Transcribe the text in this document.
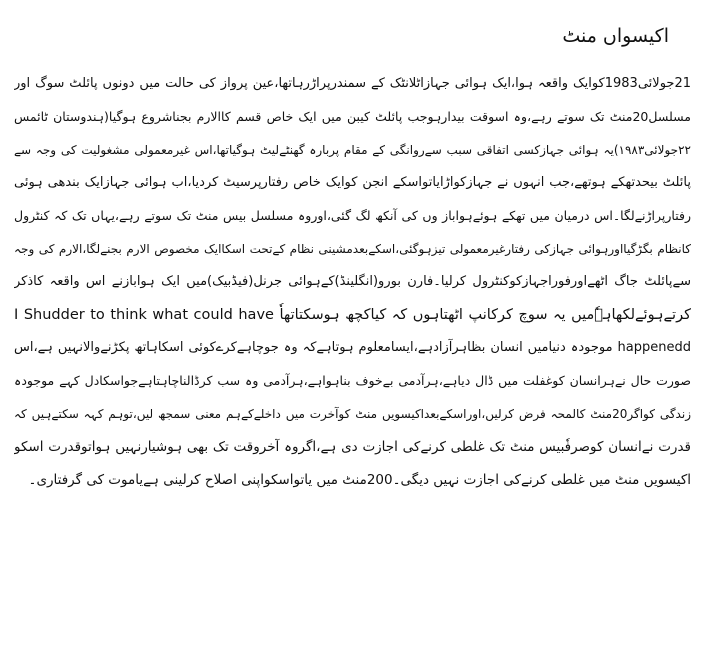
اکیسواں منٹ
21جولائی1983کوایک واقعہ ہوا،ایک ہوائی جہازاٹلانٹک کے سمندرپراڑرہاتھا،عین پرواز کی حالت میں دونوں پائلٹ سوگ اور
مسلسل20منٹ تک سوتے رہے،وہ اسوقت بیدارہوجب پائلٹ کیبن میں ایک خاص قسم کاالارم بجناشروع ہوگیا(ہندوستان ٹائمس
۲۲جولائی۱۹۸۳)یہ ہوائی جہازکسی اتفاقی سبب سےروانگی کے مقام پربارہ گھنٹےلیٹ ہوگیاتھا،اس غیرمعمولی مشغولیت کی وجہ سے
پائلٹ بیحدتھکے ہوتھے،جب انہوں نے جہازکواڑایاتواسکے انجن کوایک خاص رفتارپرسیٹ کردیا،اب ہوائی جہازایک بندھی ہوئی
رفتارپراڑنےلگا۔اس درمیان میں تھکے ہوئےہواباز وں کی آنکھ لگ گئی،اوروہ مسلسل بیس منٹ تک سوتے رہے،یہاں تک کہ کنٹرول
کانظام بگڑگیااورہوائی جہازکی رفتارغیرمعمولی تیزہوگئی،اسکےبعدمشینی نظام کےتحت اسکاایک مخصوص الارم بجنےلگا،الارم کی وجہ
سےپائلٹ جاگ اٹھےاورفوراجہازکوکنٹرول کرلیا۔فارن بورو(انگلینڈ)کےہوائی جرنل(فیڈبیک)میں ایک ہوابازنے اس واقعہ کاذکر
کرتےہوئےلکھاہےٗمیں یہ سوچ کرکانپ اٹھتاہوں کہ کیاکچھ ہوسکتاتھاٗ I Shudder to think what could have
happeneddٗ موجودہ دنیامیں انسان بظاہرآزادہے،ایسامعلوم ہوتاہےکہ وہ جوچاہےکرےکوئی اسکاہاتھ پکڑنےوالانہیں ہے،اس
صورت حال نےہرانسان کوغفلت میں ڈال دیاہے،ہرآدمی بےخوف بناہواہے،ہرآدمی وہ سب کرڈالناچاہتاہےجواسکادل کہے موجودہ
زندگی کواگر20منٹ کالمحہ فرض کرلیں،اوراسکےبعداکیسویں منٹ کوآخرت میں داخلےکےہم معنی سمجھ لیں،توہم کہہ سکتےہیں کہ
قدرت نےانسان کوصرفٗبیس منٹ تک غلطی کرنےکی اجازت دی ہے،اگروہ آخروقت تک بھی ہوشیارنہیں ہواتوقدرت اسکو
ٗاکیسویں منٹ میں غلطی کرنےکی اجازت نہیں دیگی۔200منٹ میں یاتواسکواپنی اصلاح کرلینی ہےیاموت کی گرفتاری۔
